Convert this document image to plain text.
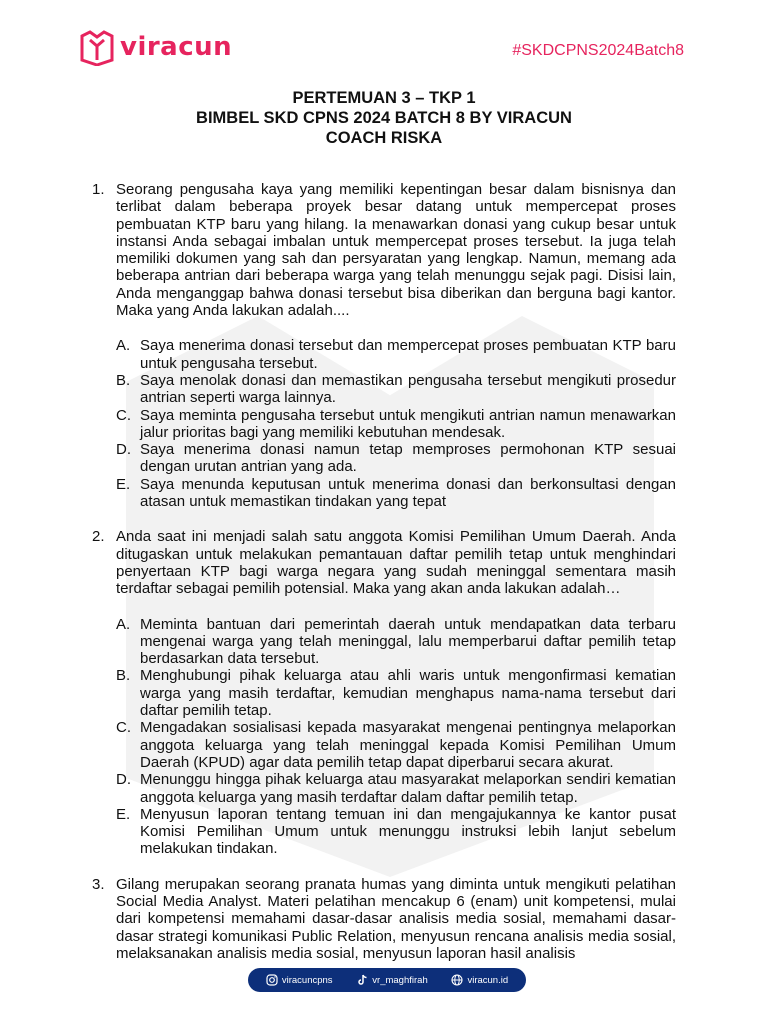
viracun	#SKDCPNS2024Batch8
PERTEMUAN 3 – TKP 1
BIMBEL SKD CPNS 2024 BATCH 8 BY VIRACUN
COACH RISKA
1. Seorang pengusaha kaya yang memiliki kepentingan besar dalam bisnisnya dan terlibat dalam beberapa proyek besar datang untuk mempercepat proses pembuatan KTP baru yang hilang. Ia menawarkan donasi yang cukup besar untuk instansi Anda sebagai imbalan untuk mempercepat proses tersebut. Ia juga telah memiliki dokumen yang sah dan persyaratan yang lengkap. Namun, memang ada beberapa antrian dari beberapa warga yang telah menunggu sejak pagi. Disisi lain, Anda menganggap bahwa donasi tersebut bisa diberikan dan berguna bagi kantor. Maka yang Anda lakukan adalah....
A. Saya menerima donasi tersebut dan mempercepat proses pembuatan KTP baru untuk pengusaha tersebut.
B. Saya menolak donasi dan memastikan pengusaha tersebut mengikuti prosedur antrian seperti warga lainnya.
C. Saya meminta pengusaha tersebut untuk mengikuti antrian namun menawarkan jalur prioritas bagi yang memiliki kebutuhan mendesak.
D. Saya menerima donasi namun tetap memproses permohonan KTP sesuai dengan urutan antrian yang ada.
E. Saya menunda keputusan untuk menerima donasi dan berkonsultasi dengan atasan untuk memastikan tindakan yang tepat
2. Anda saat ini menjadi salah satu anggota Komisi Pemilihan Umum Daerah. Anda ditugaskan untuk melakukan pemantauan daftar pemilih tetap untuk menghindari penyertaan KTP bagi warga negara yang sudah meninggal sementara masih terdaftar sebagai pemilih potensial. Maka yang akan anda lakukan adalah…
A. Meminta bantuan dari pemerintah daerah untuk mendapatkan data terbaru mengenai warga yang telah meninggal, lalu memperbarui daftar pemilih tetap berdasarkan data tersebut.
B. Menghubungi pihak keluarga atau ahli waris untuk mengonfirmasi kematian warga yang masih terdaftar, kemudian menghapus nama-nama tersebut dari daftar pemilih tetap.
C. Mengadakan sosialisasi kepada masyarakat mengenai pentingnya melaporkan anggota keluarga yang telah meninggal kepada Komisi Pemilihan Umum Daerah (KPUD) agar data pemilih tetap dapat diperbarui secara akurat.
D. Menunggu hingga pihak keluarga atau masyarakat melaporkan sendiri kematian anggota keluarga yang masih terdaftar dalam daftar pemilih tetap.
E. Menyusun laporan tentang temuan ini dan mengajukannya ke kantor pusat Komisi Pemilihan Umum untuk menunggu instruksi lebih lanjut sebelum melakukan tindakan.
3. Gilang merupakan seorang pranata humas yang diminta untuk mengikuti pelatihan Social Media Analyst. Materi pelatihan mencakup 6 (enam) unit kompetensi, mulai dari kompetensi memahami dasar-dasar analisis media sosial, memahami dasar-dasar strategi komunikasi Public Relation, menyusun rencana analisis media sosial, melaksanakan analisis media sosial, menyusun laporan hasil analisis
viracuncpns	vr_maghfirah	viracun.id
